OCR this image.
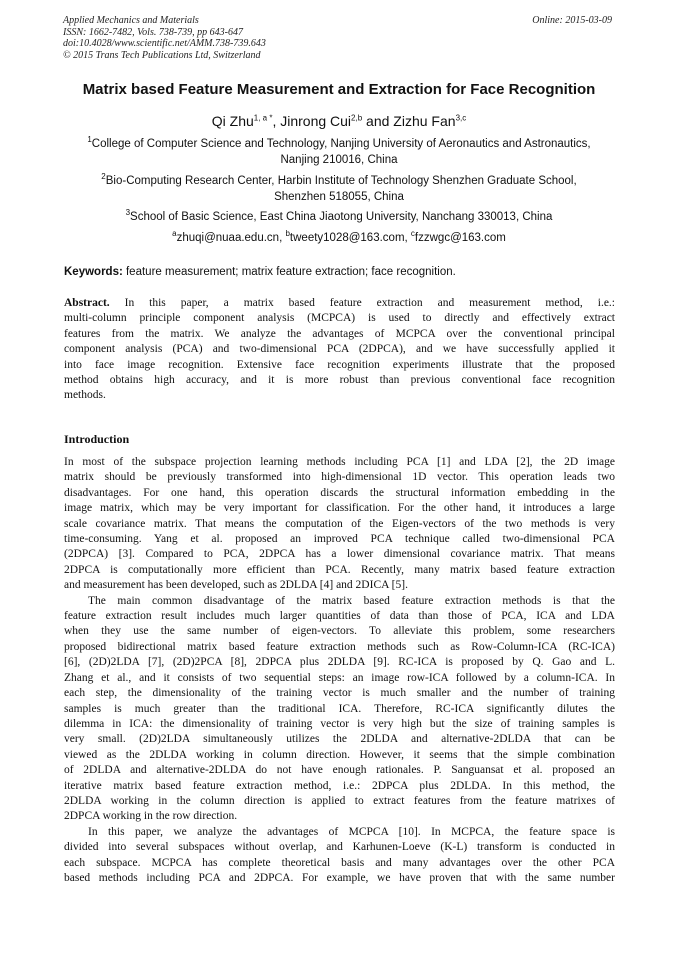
Applied Mechanics and Materials
ISSN: 1662-7482, Vols. 738-739, pp 643-647
doi:10.4028/www.scientific.net/AMM.738-739.643
© 2015 Trans Tech Publications Ltd, Switzerland
Online: 2015-03-09
Matrix based Feature Measurement and Extraction for Face Recognition
Qi Zhu$^{1, a *}$, Jinrong Cui$^{2,b}$ and Zizhu Fan$^{3,c}$
$^1$College of Computer Science and Technology, Nanjing University of Aeronautics and Astronautics,
Nanjing 210016, China
$^2$Bio-Computing Research Center, Harbin Institute of Technology Shenzhen Graduate School,
Shenzhen 518055, China
$^3$School of Basic Science, East China Jiaotong University, Nanchang 330013, China
$^a$zhuqi@nuaa.edu.cn, $^b$tweety1028@163.com, $^c$fzzwgc@163.com
Keywords: feature measurement; matrix feature extraction; face recognition.
Abstract. In this paper, a matrix based feature extraction and measurement method, i.e.:
multi-column principle component analysis (MCPCA) is used to directly and effectively extract
features from the matrix. We analyze the advantages of MCPCA over the conventional principal
component analysis (PCA) and two-dimensional PCA (2DPCA), and we have successfully applied it
into face image recognition. Extensive face recognition experiments illustrate that the proposed
method obtains high accuracy, and it is more robust than previous conventional face recognition
methods.
Introduction
In most of the subspace projection learning methods including PCA [1] and LDA [2], the 2D image
matrix should be previously transformed into high-dimensional 1D vector. This operation leads two
disadvantages. For one hand, this operation discards the structural information embedding in the
image matrix, which may be very important for classification. For the other hand, it introduces a large
scale covariance matrix. That means the computation of the Eigen-vectors of the two methods is very
time-consuming. Yang et al. proposed an improved PCA technique called two-dimensional PCA
(2DPCA) [3]. Compared to PCA, 2DPCA has a lower dimensional covariance matrix. That means
2DPCA is computationally more efficient than PCA. Recently, many matrix based feature extraction
and measurement has been developed, such as 2DLDA [4] and 2DICA [5].
The main common disadvantage of the matrix based feature extraction methods is that the
feature extraction result includes much larger quantities of data than those of PCA, ICA and LDA
when they use the same number of eigen-vectors. To alleviate this problem, some researchers
proposed bidirectional matrix based feature extraction methods such as Row-Column-ICA (RC-ICA)
[6], (2D)2LDA [7], (2D)2PCA [8], 2DPCA plus 2DLDA [9]. RC-ICA is proposed by Q. Gao and L.
Zhang et al., and it consists of two sequential steps: an image row-ICA followed by a column-ICA. In
each step, the dimensionality of the training vector is much smaller and the number of training
samples is much greater than the traditional ICA. Therefore, RC-ICA significantly dilutes the
dilemma in ICA: the dimensionality of training vector is very high but the size of training samples is
very small. (2D)2LDA simultaneously utilizes the 2DLDA and alternative-2DLDA that can be
viewed as the 2DLDA working in column direction. However, it seems that the simple combination
of 2DLDA and alternative-2DLDA do not have enough rationales. P. Sanguansat et al. proposed an
iterative matrix based feature extraction method, i.e.: 2DPCA plus 2DLDA. In this method, the
2DLDA working in the column direction is applied to extract features from the feature matrixes of
2DPCA working in the row direction.
In this paper, we analyze the advantages of MCPCA [10]. In MCPCA, the feature space is
divided into several subspaces without overlap, and Karhunen-Loeve (K-L) transform is conducted in
each subspace. MCPCA has complete theoretical basis and many advantages over the other PCA
based methods including PCA and 2DPCA. For example, we have proven that with the same number
